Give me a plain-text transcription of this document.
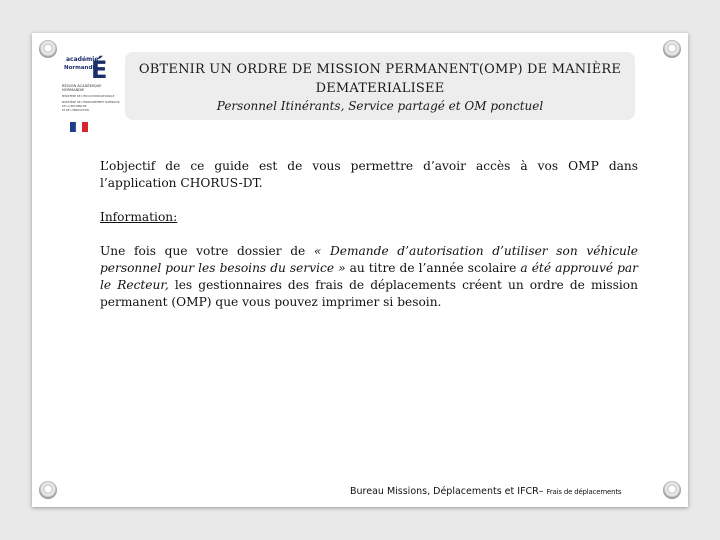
académie
Normandie
É
RÉGION ACADÉMIQUE
NORMANDIE
MINISTÈRE DE L'ÉDUCATION NATIONALE
MINISTÈRE DE L'ENSEIGNEMENT SUPÉRIEUR
DE LA RECHERCHE
ET DE L'INNOVATION
OBTENIR UN ORDRE DE MISSION PERMANENT(OMP) DE MANIÈRE
DEMATERIALISEE
Personnel Itinérants, Service partagé et OM ponctuel

L’objectif de ce guide est de vous permettre d’avoir accès à vos OMP dans l’application CHORUS-DT.

Information:

Une fois que votre dossier de « Demande d’autorisation d’utiliser son véhicule personnel pour les besoins du service » au titre de l’année scolaire a été approuvé par le Recteur, les gestionnaires des frais de déplacements créent un ordre de mission permanent (OMP) que vous pouvez imprimer si besoin.

Bureau Missions, Déplacements et IFCR– Frais de déplacements
